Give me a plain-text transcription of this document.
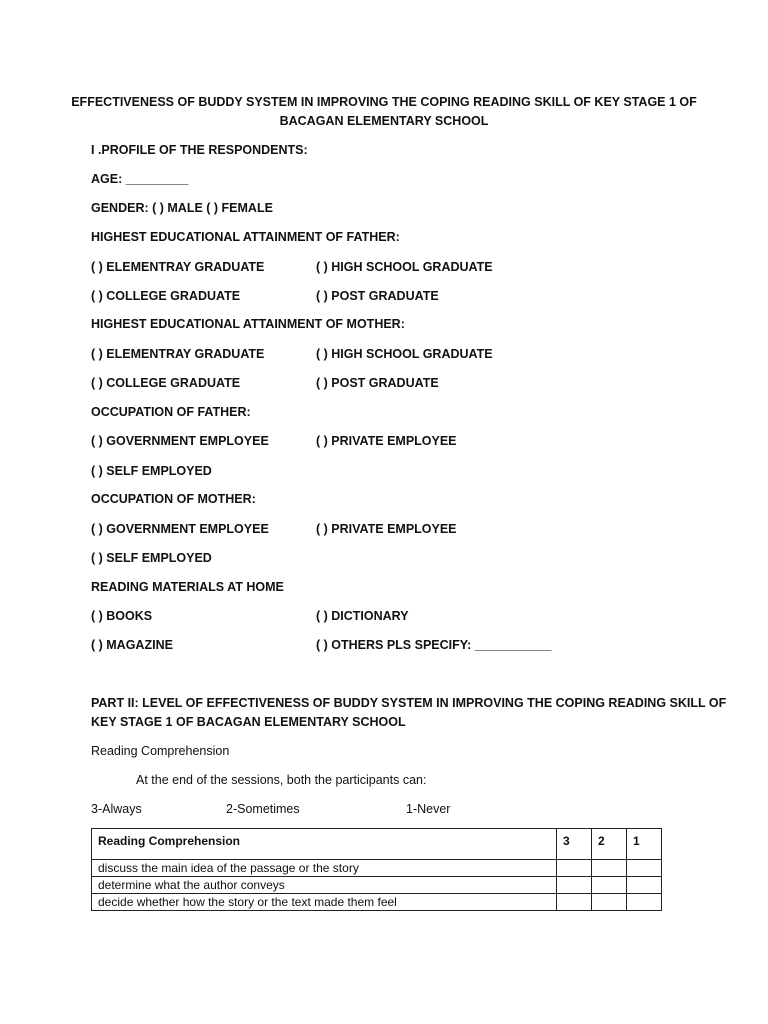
EFFECTIVENESS OF BUDDY SYSTEM IN IMPROVING THE COPING READING SKILL OF KEY STAGE 1 OF
BACAGAN ELEMENTARY SCHOOL
I .PROFILE OF THE RESPONDENTS:
AGE: _________
GENDER: ( ) MALE ( ) FEMALE
HIGHEST EDUCATIONAL ATTAINMENT OF FATHER:
( ) ELEMENTRAY GRADUATE	( ) HIGH SCHOOL GRADUATE
( ) COLLEGE GRADUATE	( ) POST GRADUATE
HIGHEST EDUCATIONAL ATTAINMENT OF MOTHER:
( ) ELEMENTRAY GRADUATE	( ) HIGH SCHOOL GRADUATE
( ) COLLEGE GRADUATE	( ) POST GRADUATE
OCCUPATION OF FATHER:
( ) GOVERNMENT EMPLOYEE	( ) PRIVATE EMPLOYEE
( ) SELF EMPLOYED
OCCUPATION OF MOTHER:
( ) GOVERNMENT EMPLOYEE	( ) PRIVATE EMPLOYEE
( ) SELF EMPLOYED
READING MATERIALS AT HOME
( ) BOOKS	( ) DICTIONARY
( ) MAGAZINE	( ) OTHERS PLS SPECIFY: ___________
PART II: LEVEL OF EFFECTIVENESS OF BUDDY SYSTEM IN IMPROVING THE COPING READING SKILL OF
KEY STAGE 1 OF BACAGAN ELEMENTARY SCHOOL
Reading Comprehension
At the end of the sessions, both the participants can:
3-Always	2-Sometimes	1-Never
Reading Comprehension	3	2	1
discuss the main idea of the passage or the story			
determine what the author conveys			
decide whether how the story or the text made them feel			
